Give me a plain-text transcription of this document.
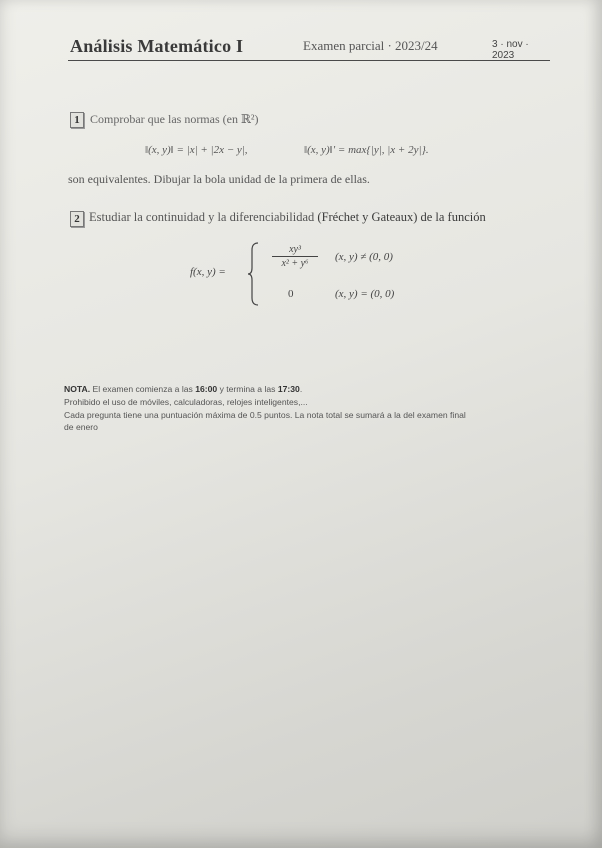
Análisis Matemático I	Examen parcial · 2023/24	3 · nov · 2023
1 Comprobar que las normas (en ℝ²)
‖(x, y)‖ = |x| + |2x − y|,	‖(x, y)‖′ = max{|y|, |x + 2y|}.
son equivalentes. Dibujar la bola unidad de la primera de ellas.
2 Estudiar la continuidad y la diferenciabilidad (Fréchet y Gateaux) de la función
f(x, y) =
$\frac{\text{xy³}}{\text{x² + y⁶}} (x$, y) ≠ (0, 0)
0	(x, y) = (0, 0)
NOTA. El examen comienza a las 16:00 y termina a las 17:30.
Prohibido el uso de móviles, calculadoras, relojes inteligentes,...
Cada pregunta tiene una puntuación máxima de 0.5 puntos. La nota total se sumará a la del examen final
de enero
